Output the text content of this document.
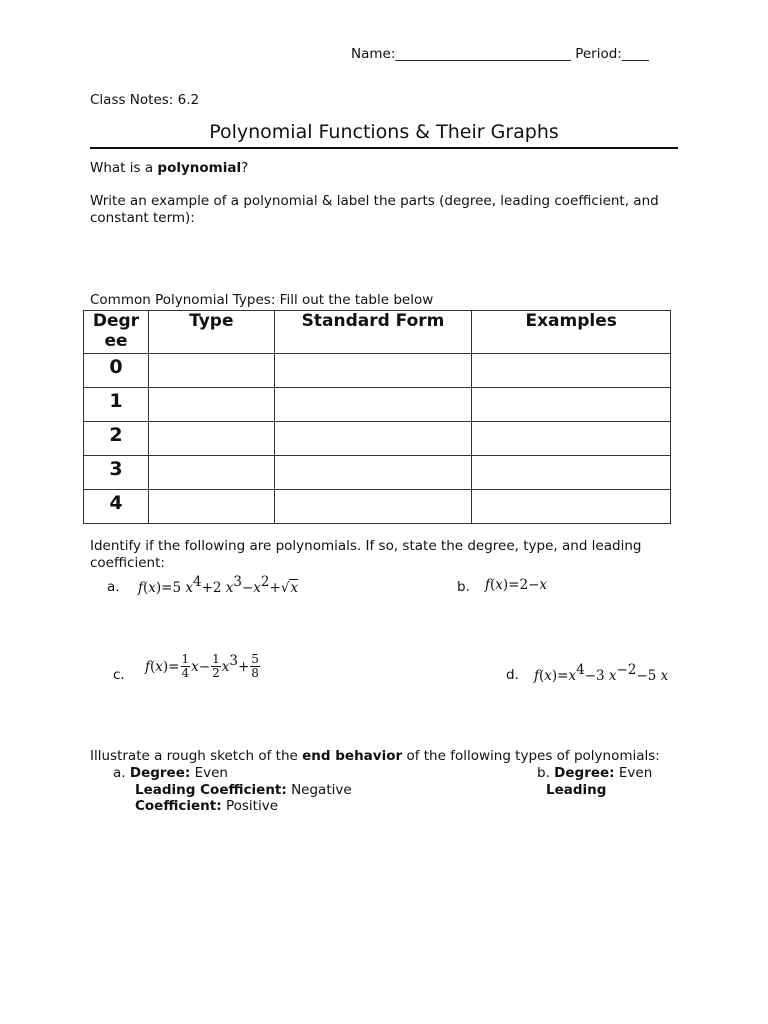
Name:__________________________ Period:____
Class Notes: 6.2
Polynomial Functions & Their Graphs
What is a polynomial?
Write an example of a polynomial & label the parts (degree, leading coefficient, and
constant term):
Common Polynomial Types: Fill out the table below
Degr ee	Type	Standard Form	Examples
0			
1			
2			
3			
4			
Identify if the following are polynomials. If so, state the degree, type, and leading
coefficient:
a. f(x)=5 $x^4+2$ $x^3-x^2+√x$	b. f(x)=2−x
c. $f(x)= \frac{1}{4} x- \frac{1}{2} x^3+ \frac{5}{8}$	d. $f(x)=x^4-3$ $x^{-2}-5$ x
Illustrate a rough sketch of the end behavior of the following types of polynomials:
a. Degree: Even
Leading Coefficient: Negative
b. Degree: Even
Leading
Coefficient: Positive
